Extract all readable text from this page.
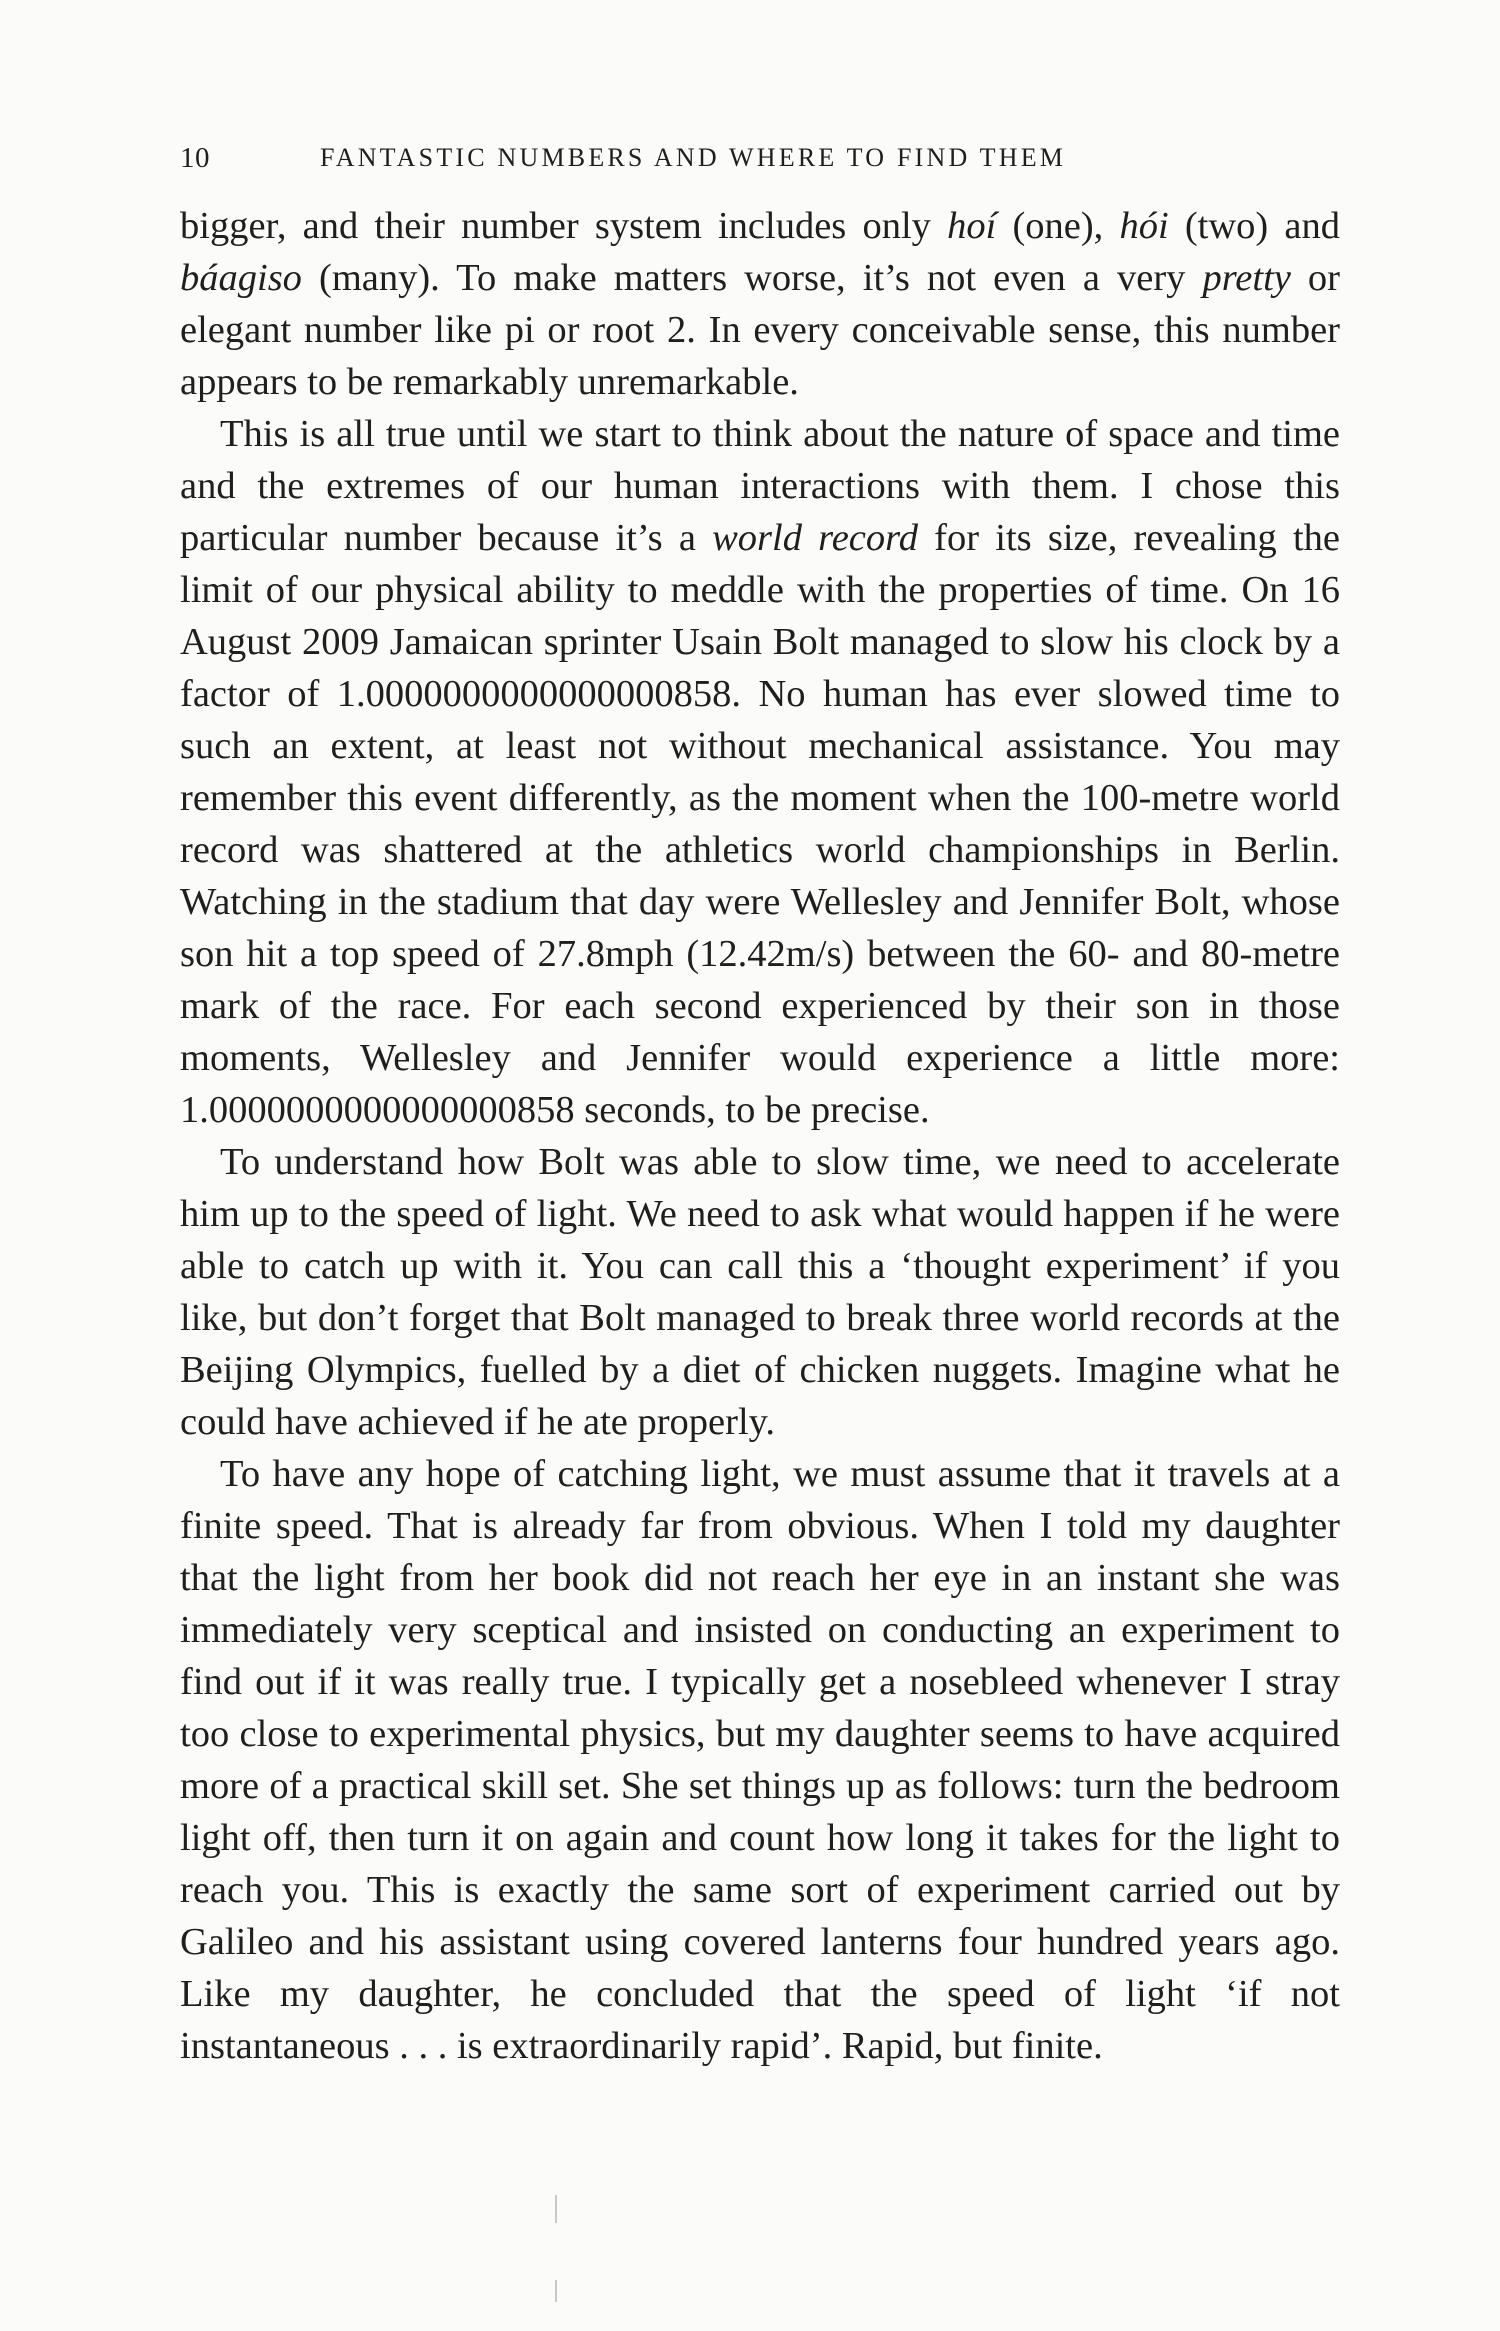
10	FANTASTIC NUMBERS AND WHERE TO FIND THEM

bigger, and their number system includes only hoí (one), hói (two) and báagiso (many). To make matters worse, it’s not even a very pretty or elegant number like pi or root 2. In every conceivable sense, this number appears to be remarkably unremarkable.

This is all true until we start to think about the nature of space and time and the extremes of our human interactions with them. I chose this particular number because it’s a world record for its size, revealing the limit of our physical ability to meddle with the properties of time. On 16 August 2009 Jamaican sprinter Usain Bolt managed to slow his clock by a factor of 1.0000000000000000858. No human has ever slowed time to such an extent, at least not without mechanical assistance. You may remember this event differently, as the moment when the 100-metre world record was shattered at the athletics world championships in Berlin. Watching in the stadium that day were Wellesley and Jennifer Bolt, whose son hit a top speed of 27.8mph (12.42m/s) between the 60- and 80-metre mark of the race. For each second experienced by their son in those moments, Wellesley and Jennifer would experience a little more: 1.0000000000000000858 seconds, to be precise.

To understand how Bolt was able to slow time, we need to accelerate him up to the speed of light. We need to ask what would happen if he were able to catch up with it. You can call this a ‘thought experiment’ if you like, but don’t forget that Bolt managed to break three world records at the Beijing Olympics, fuelled by a diet of chicken nuggets. Imagine what he could have achieved if he ate properly.

To have any hope of catching light, we must assume that it travels at a finite speed. That is already far from obvious. When I told my daughter that the light from her book did not reach her eye in an instant she was immediately very sceptical and insisted on conducting an experiment to find out if it was really true. I typically get a nosebleed whenever I stray too close to experimental physics, but my daughter seems to have acquired more of a practical skill set. She set things up as follows: turn the bedroom light off, then turn it on again and count how long it takes for the light to reach you. This is exactly the same sort of experiment carried out by Galileo and his assistant using covered lanterns four hundred years ago. Like my daughter, he concluded that the speed of light ‘if not instantaneous . . . is extraordinarily rapid’. Rapid, but finite.
